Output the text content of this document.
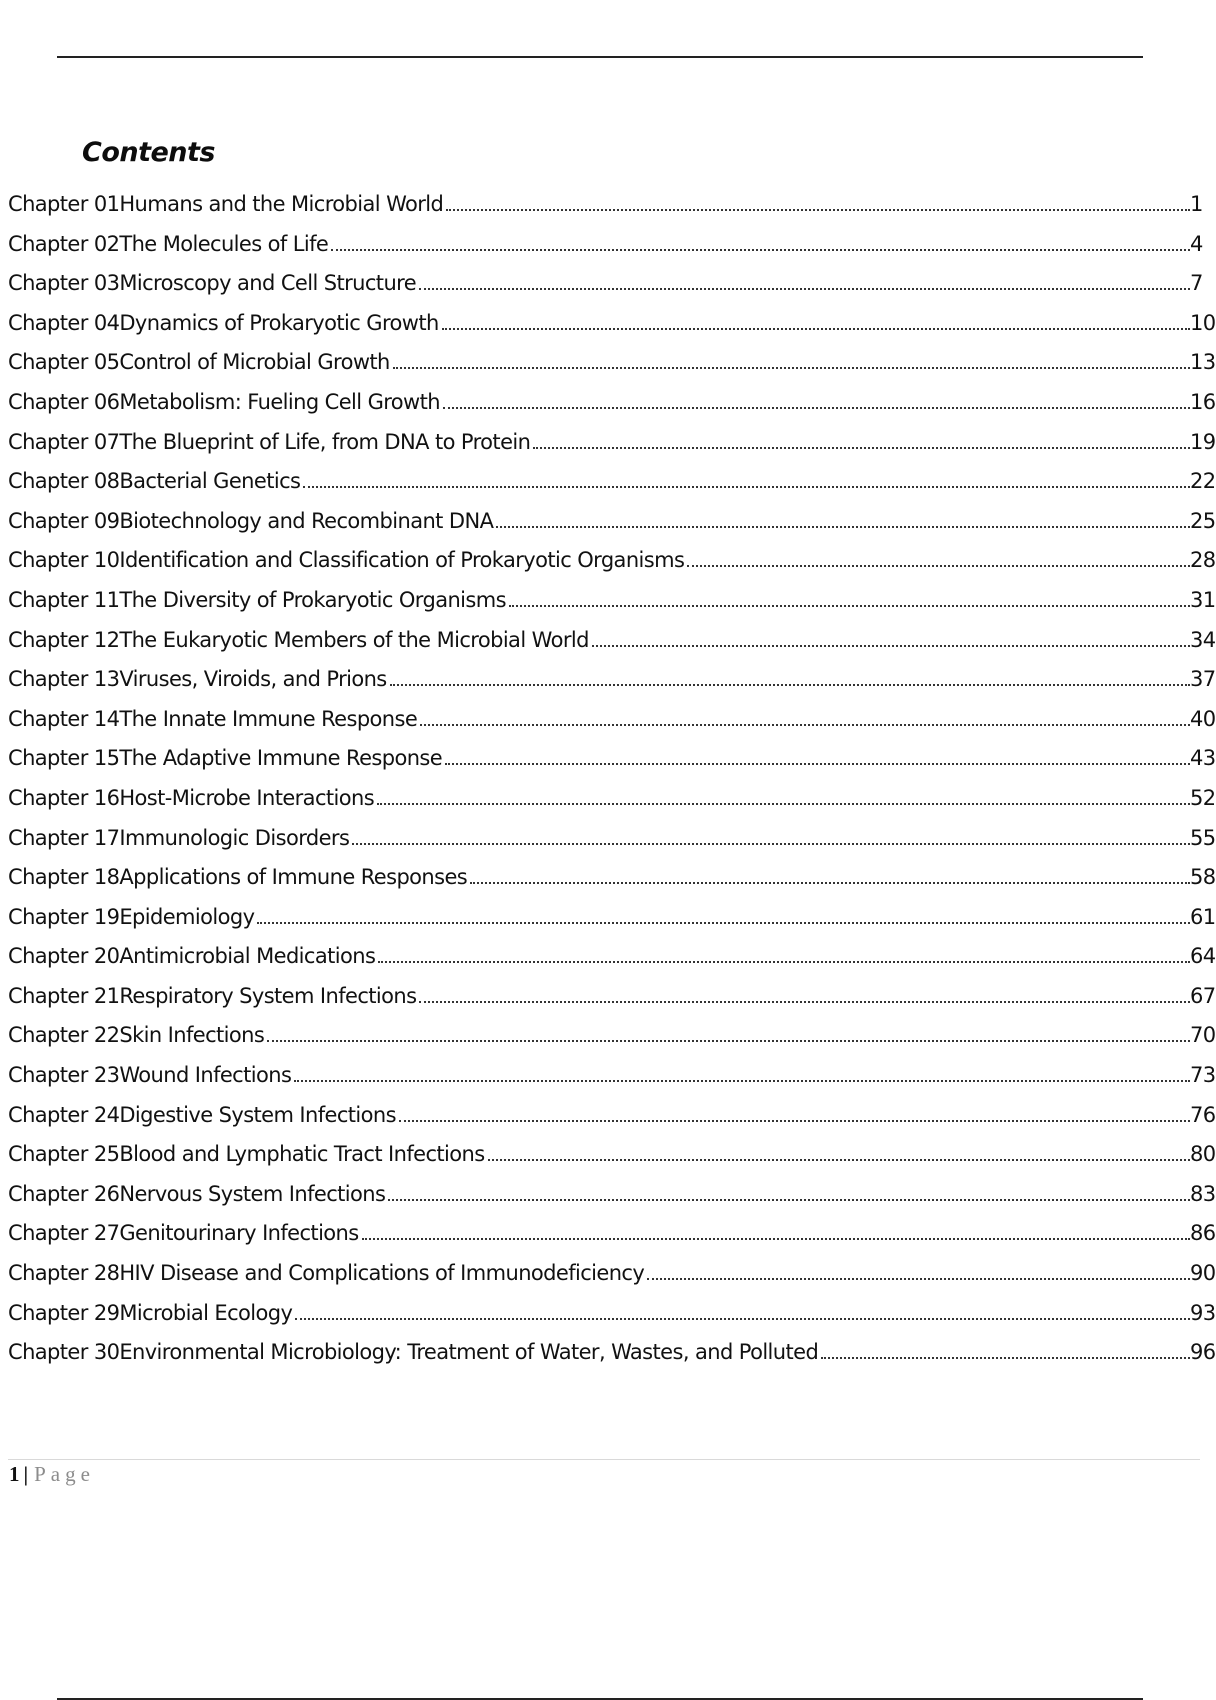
Contents
Chapter 01Humans and the Microbial World	1
Chapter 02The Molecules of Life	4
Chapter 03Microscopy and Cell Structure	7
Chapter 04Dynamics of Prokaryotic Growth	10
Chapter 05Control of Microbial Growth	13
Chapter 06Metabolism: Fueling Cell Growth	16
Chapter 07The Blueprint of Life, from DNA to Protein	19
Chapter 08Bacterial Genetics	22
Chapter 09Biotechnology and Recombinant DNA	25
Chapter 10Identification and Classification of Prokaryotic Organisms	28
Chapter 11The Diversity of Prokaryotic Organisms	31
Chapter 12The Eukaryotic Members of the Microbial World	34
Chapter 13Viruses, Viroids, and Prions	37
Chapter 14The Innate Immune Response	40
Chapter 15The Adaptive Immune Response	43
Chapter 16Host-Microbe Interactions	52
Chapter 17Immunologic Disorders	55
Chapter 18Applications of Immune Responses	58
Chapter 19Epidemiology	61
Chapter 20Antimicrobial Medications	64
Chapter 21Respiratory System Infections	67
Chapter 22Skin Infections	70
Chapter 23Wound Infections	73
Chapter 24Digestive System Infections	76
Chapter 25Blood and Lymphatic Tract Infections	80
Chapter 26Nervous System Infections	83
Chapter 27Genitourinary Infections	86
Chapter 28HIV Disease and Complications of Immunodeficiency	90
Chapter 29Microbial Ecology	93
Chapter 30Environmental Microbiology: Treatment of Water, Wastes, and Polluted	96
1 | Page
